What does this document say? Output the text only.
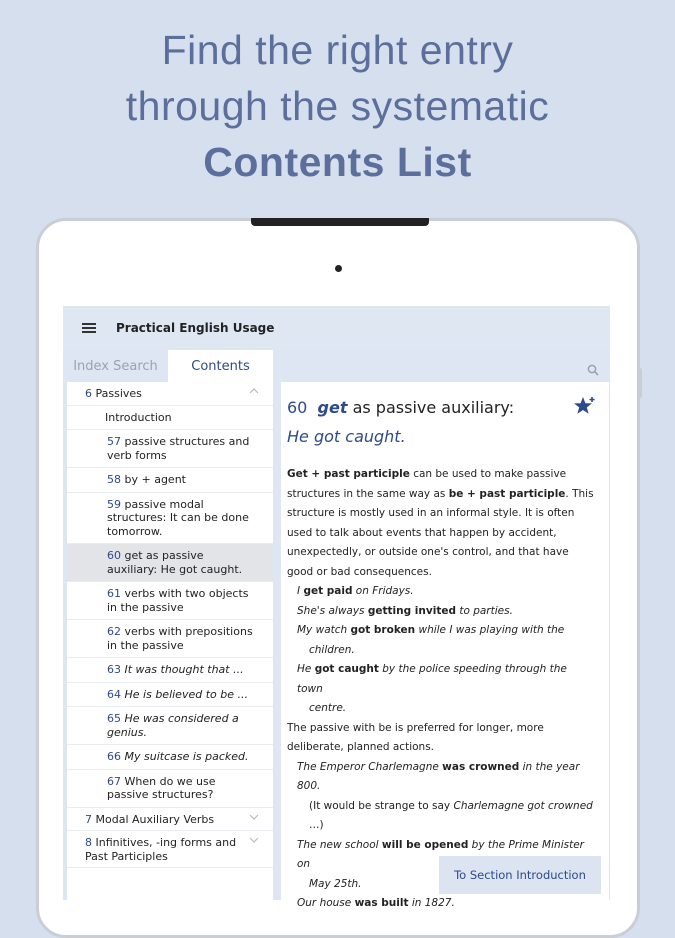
Find the right entry
through the systematic
Contents List
Practical English Usage
Index Search	Contents
6 Passives
Introduction
57 passive structures and verb forms
58 by + agent
59 passive modal structures: It can be done tomorrow.
60 get as passive auxiliary: He got caught.
61 verbs with two objects in the passive
62 verbs with prepositions in the passive
63 It was thought that ...
64 He is believed to be ...
65 He was considered a genius.
66 My suitcase is packed.
67 When do we use passive structures?
7 Modal Auxiliary Verbs
8 Infinitives, -ing forms and Past Participles
60 get as passive auxiliary:
He got caught.

Get + past participle can be used to make passive structures in the same way as be + past participle. This structure is mostly used in an informal style. It is often used to talk about events that happen by accident, unexpectedly, or outside one's control, and that have good or bad consequences.

I get paid on Fridays.
She's always getting invited to parties.
My watch got broken while I was playing with the
children.
He got caught by the police speeding through the town
centre.

The passive with be is preferred for longer, more deliberate, planned actions.

The Emperor Charlemagne was crowned in the year 800.
(It would be strange to say Charlemagne got crowned
…)
The new school will be opened by the Prime Minister on
May 25th.
Our house was built in 1827.
To Section Introduction
